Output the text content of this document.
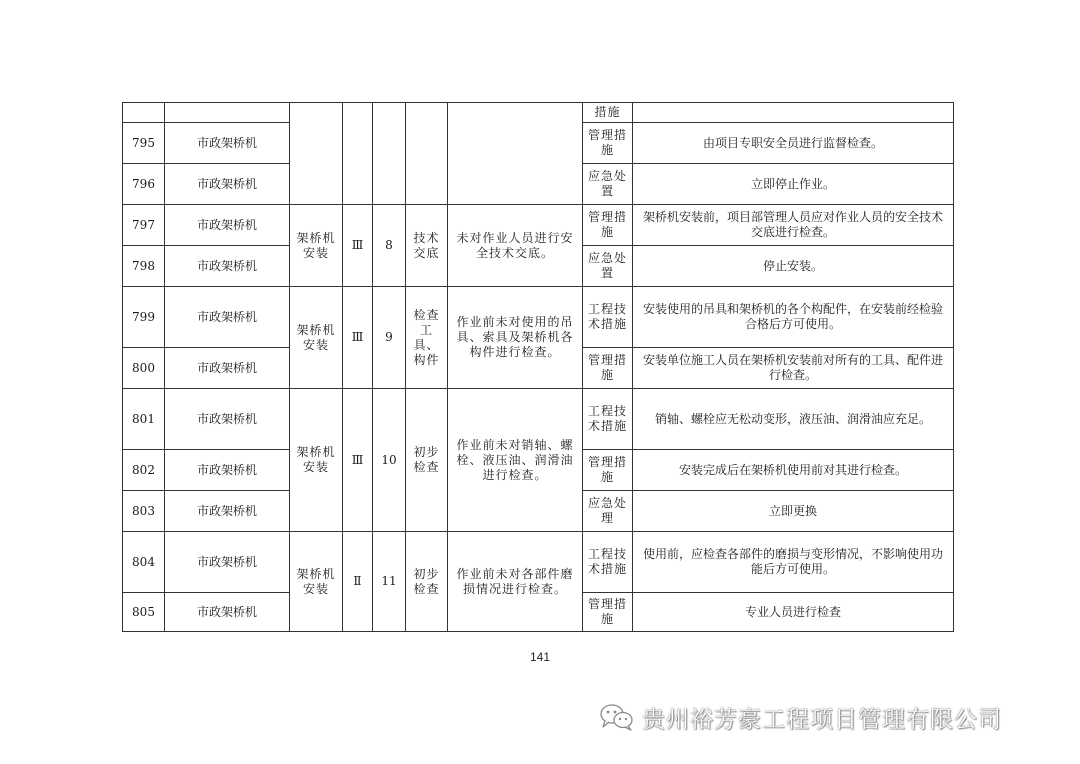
							措施	
795	市政架桥机						管理措施	由项目专职安全员进行监督检查。
796	市政架桥机						应急处置	立即停止作业。
797	市政架桥机	架桥机安装	Ⅲ	8	技术交底	未对作业人员进行安全技术交底。	管理措施	架桥机安装前，项目部管理人员应对作业人员的安全技术交底进行检查。
798	市政架桥机						应急处置	停止安装。
799	市政架桥机	架桥机安装	Ⅲ	9	检查工具、构件	作业前未对使用的吊具、索具及架桥机各构件进行检查。	工程技术措施	安装使用的吊具和架桥机的各个构配件，在安装前经检验合格后方可使用。
800	市政架桥机						管理措施	安装单位施工人员在架桥机安装前对所有的工具、配件进行检查。
801	市政架桥机	架桥机安装	Ⅲ	10	初步检查	作业前未对销轴、螺栓、液压油、润滑油进行检查。	工程技术措施	销轴、螺栓应无松动变形，液压油、润滑油应充足。
802	市政架桥机						管理措施	安装完成后在架桥机使用前对其进行检查。
803	市政架桥机						应急处理	立即更换
804	市政架桥机	架桥机安装	Ⅱ	11	初步检查	作业前未对各部件磨损情况进行检查。	工程技术措施	使用前，应检查各部件的磨损与变形情况，不影响使用功能后方可使用。
805	市政架桥机						管理措施	专业人员进行检查
141
贵州裕芳豪工程项目管理有限公司
